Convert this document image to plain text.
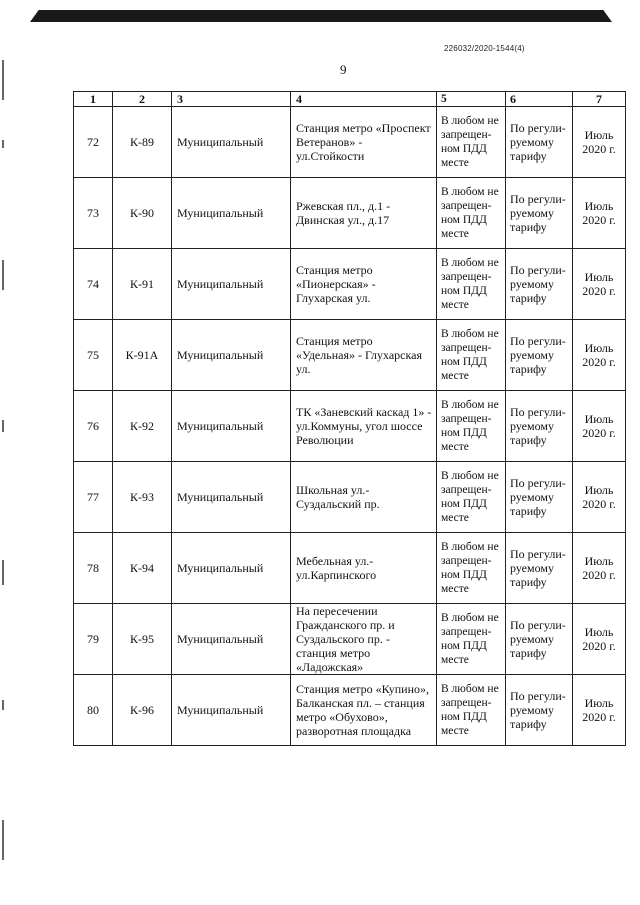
226032/2020-1544(4)
9
1	2	3	4	5	6	7
72	К-89	Муниципальный	Станция метро «Проспект Ветеранов» - ул.Стойкости	В любом не запрещен-ном ПДД месте	По регули-руемому тарифу	Июль 2020 г.
73	К-90	Муниципальный	Ржевская пл., д.1 - Двинская ул., д.17	В любом не запрещен-ном ПДД месте	По регули-руемому тарифу	Июль 2020 г.
74	К-91	Муниципальный	Станция метро «Пионерская» - Глухарская ул.	В любом не запрещен-ном ПДД месте	По регули-руемому тарифу	Июль 2020 г.
75	К-91А	Муниципальный	Станция метро «Удельная» - Глухарская ул.	В любом не запрещен-ном ПДД месте	По регули-руемому тарифу	Июль 2020 г.
76	К-92	Муниципальный	ТК «Заневский каскад 1» - ул.Коммуны, угол шоссе Революции	В любом не запрещен-ном ПДД месте	По регули-руемому тарифу	Июль 2020 г.
77	К-93	Муниципальный	Школьная ул.- Суздальский пр.	В любом не запрещен-ном ПДД месте	По регули-руемому тарифу	Июль 2020 г.
78	К-94	Муниципальный	Мебельная ул.- ул.Карпинского	В любом не запрещен-ном ПДД месте	По регули-руемому тарифу	Июль 2020 г.
79	К-95	Муниципальный	На пересечении Гражданского пр. и Суздальского пр. - станция метро «Ладожская»	В любом не запрещен-ном ПДД месте	По регули-руемому тарифу	Июль 2020 г.
80	К-96	Муниципальный	Станция метро «Купино», Балканская пл. – станция метро «Обухово», разворотная площадка	В любом не запрещен-ном ПДД месте	По регули-руемому тарифу	Июль 2020 г.
